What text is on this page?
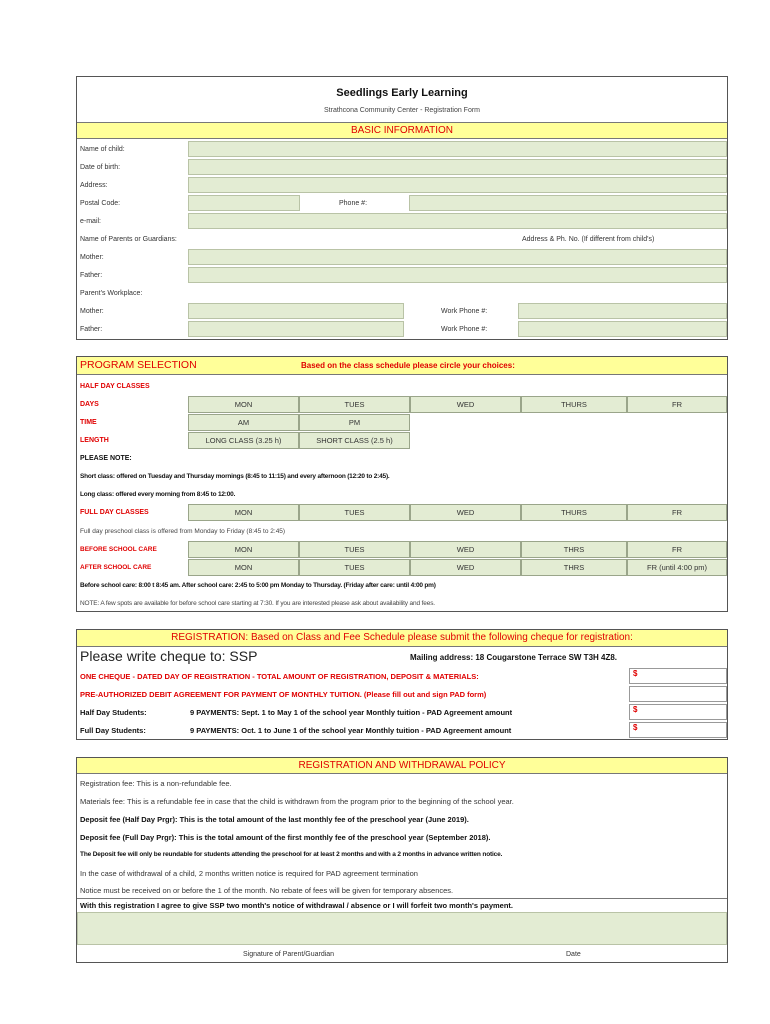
Seedlings Early Learning
Strathcona Community Center - Registration Form
BASIC INFORMATION
Name of child:
Date of birth:
Address:
Postal Code:	Phone #:
e-mail:
Name of Parents or Guardians:	Address & Ph. No. (If different from child's)
Mother:
Father:
Parent's Workplace:
Mother:	Work Phone #:
Father:	Work Phone #:
PROGRAM SELECTION	Based on the class schedule please circle your choices:
HALF DAY CLASSES
DAYS	MON	TUES	WED	THURS	FR
TIME	AM	PM
LENGTH	LONG CLASS (3.25 h)	SHORT CLASS (2.5 h)
PLEASE NOTE:
Short class: offered on Tuesday and Thursday mornings (8:45 to 11:15) and every afternoon (12:20 to 2:45).
Long class: offered every morning from 8:45 to 12:00.
FULL DAY CLASSES	MON	TUES	WED	THURS	FR
Full day preschool class is offered from Monday to Friday (8:45 to 2:45)
BEFORE SCHOOL CARE	MON	TUES	WED	THRS	FR
AFTER SCHOOL CARE	MON	TUES	WED	THRS	FR (until 4:00 pm)
Before school care: 8:00 t 8:45 am. After school care: 2:45 to 5:00 pm Monday to Thursday. (Friday after care: until 4:00 pm)
NOTE: A few spots are available for before school care starting at 7:30. If you are interested please ask about availability and fees.
REGISTRATION: Based on Class and Fee Schedule please submit the following cheque for registration:
Please write cheque to: SSP	Mailing address: 18 Cougarstone Terrace SW T3H 4Z8.
ONE CHEQUE - DATED DAY OF REGISTRATION - TOTAL AMOUNT OF REGISTRATION, DEPOSIT & MATERIALS:	$
PRE-AUTHORIZED DEBIT AGREEMENT FOR PAYMENT OF MONTHLY TUITION. (Please fill out and sign PAD form)
Half Day Students:	9 PAYMENTS: Sept. 1 to May 1 of the school year Monthly tuition - PAD Agreement amount	$
Full Day Students:	9 PAYMENTS: Oct. 1 to June 1 of the school year Monthly tuition - PAD Agreement amount	$
REGISTRATION AND WITHDRAWAL POLICY
Registration fee: This is a non-refundable fee.
Materials fee: This is a refundable fee in case that the child is withdrawn from the program prior to the beginning of the school year.
Deposit fee (Half Day Prgr): This is the total amount of the last monthly fee of the preschool year (June 2019).
Deposit fee (Full Day Prgr): This is the total amount of the first monthly fee of the preschool year (September 2018).
The Deposit fee will only be reundable for students attending the preschool for at least 2 months and with a 2 months in advance written notice.
In the case of withdrawal of a child, 2 months written notice is required for PAD agreement termination
Notice must be received on or before the 1 of the month. No rebate of fees will be given for temporary absences.
With this registration I agree to give SSP two month's notice of withdrawal / absence or I will forfeit two month's payment.
Signature of Parent/Guardian	Date
